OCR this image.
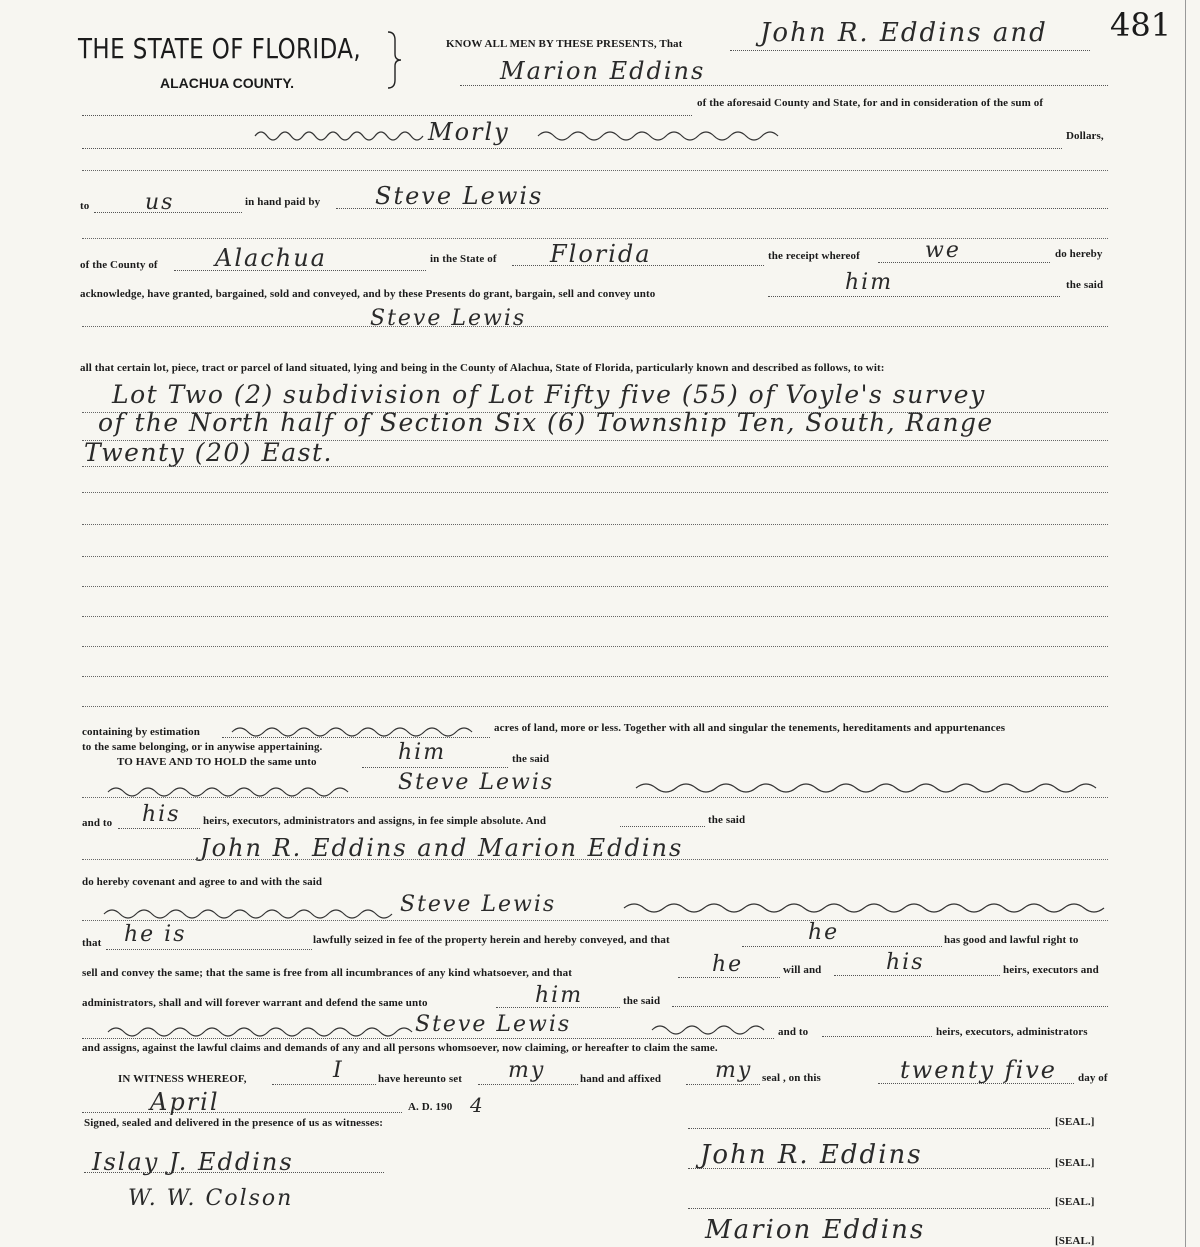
THE STATE OF FLORIDA,
ALACHUA COUNTY.
KNOW ALL MEN BY THESE PRESENTS, That	John R. Eddins and 481
Marion Eddins
of the aforesaid County and State, for and in consideration of the sum of
Morly	Dollars,
to	us	in hand paid by Steve Lewis
of the County of Alachua	in the State of Florida	the receipt whereof	we	do hereby
acknowledge, have granted, bargained, sold and conveyed, and by these Presents do grant, bargain, sell and convey unto	him	the said
Steve Lewis
all that certain lot, piece, tract or parcel of land situated, lying and being in the County of Alachua, State of Florida, particularly known and described as follows, to wit:
Lot Two (2) subdivision of Lot Fifty five (55) of Voyle's survey
of the North half of Section Six (6) Township Ten, South, Range
Twenty (20) East.
containing by estimation	acres of land, more or less. Together with all and singular the tenements, hereditaments and appurtenances
to the same belonging, or in anywise appertaining.
TO HAVE AND TO HOLD the same unto	him	the said
Steve Lewis
and to his heirs, executors, administrators and assigns, in fee simple absolute. And	the said
John R. Eddins and Marion Eddins
do hereby covenant and agree to and with the said
Steve Lewis
that he is	lawfully seized in fee of the property herein and hereby conveyed, and that	he	has good and lawful right to
sell and convey the same; that the same is free from all incumbrances of any kind whatsoever, and that	he	will and	his	heirs, executors and
administrators, shall and will forever warrant and defend the same unto	him	the said
Steve Lewis	and to	heirs, executors, administrators
and assigns, against the lawful claims and demands of any and all persons whomsoever, now claiming, or hereafter to claim the same.
IN WITNESS WHEREOF,	I	have hereunto set my	hand and affixed my seal , on this	twenty five day of
April	A. D. 190 4
Signed, sealed and delivered in the presence of us as witnesses:	[SEAL.]
[SEAL.]
[SEAL.]
[SEAL.]
Islay J. Eddins
W. W. Colson
John R. Eddins
Marion Eddins
